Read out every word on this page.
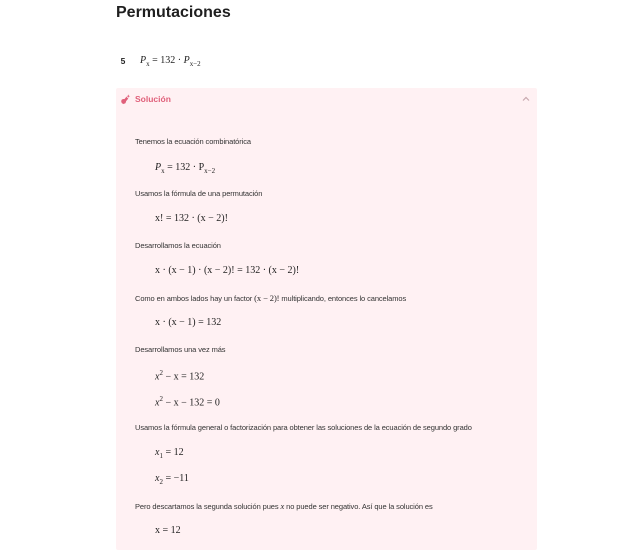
Permutaciones
5	$P_x = 132 \cdot P_{x-2}$
Solución
Tenemos la ecuación combinatórica
$P_x = 132 \cdot P_{x-2}$
Usamos la fórmula de una permutación
x! = 132 · (x − 2)!
Desarrollamos la ecuación
x · (x − 1) · (x − 2)! = 132 · (x − 2)!
Como en ambos lados hay un factor (x − 2)! multiplicando, entonces lo cancelamos
x · (x − 1) = 132
Desarrollamos una vez más
$x^2 - x = 132$
$x^2 - x - 132 = 0$
Usamos la fórmula general o factorización para obtener las soluciones de la ecuación de segundo grado
$x_1 = 12$
$x_2 = -11$
Pero descartamos la segunda solución pues x no puede ser negativo. Así que la solución es
x = 12
